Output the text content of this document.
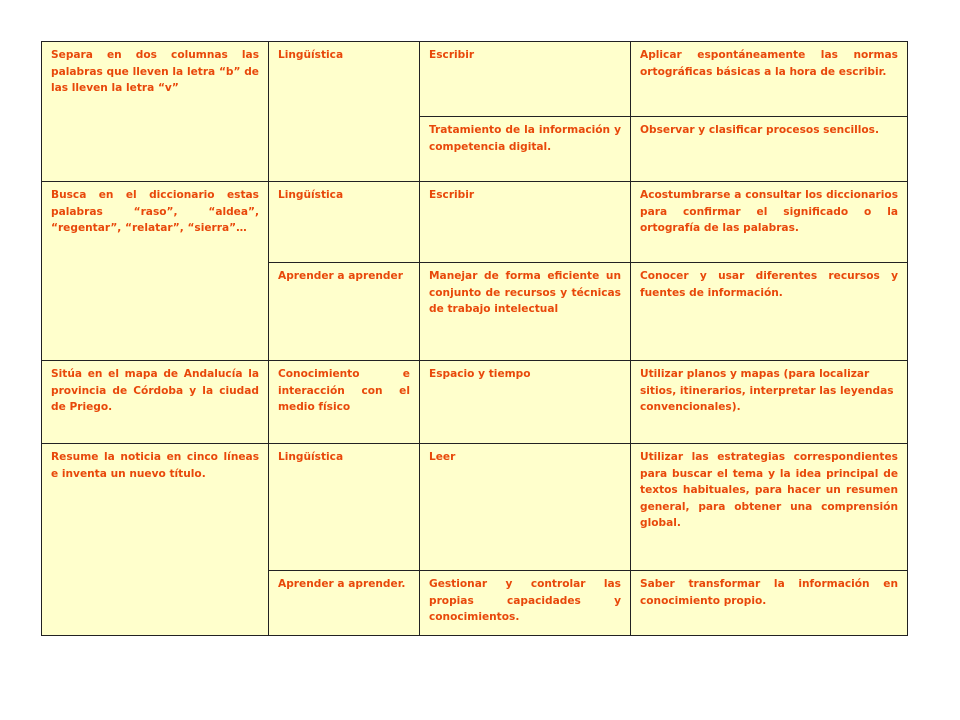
Separa en dos columnas las palabras que lleven la letra “b” de las lleven la letra “v”	Lingüística	Escribir	Aplicar espontáneamente las normas ortográficas básicas a la hora de escribir.
		Tratamiento de la información y competencia digital.	Observar y clasificar procesos sencillos.
Busca en el diccionario estas palabras “raso”, “aldea”, “regentar”, “relatar”, “sierra”…	Lingüística	Escribir	Acostumbrarse a consultar los diccionarios para confirmar el significado o la ortografía de las palabras.
	Aprender a aprender	Manejar de forma eficiente un conjunto de recursos y técnicas de trabajo intelectual	Conocer y usar diferentes recursos y fuentes de información.
Sitúa en el mapa de Andalucía la provincia de Córdoba y la ciudad de Priego.	Conocimiento e interacción con el medio físico	Espacio y tiempo	Utilizar planos y mapas (para localizar sitios, itinerarios, interpretar las leyendas convencionales).
Resume la noticia en cinco líneas e inventa un nuevo título.	Lingüística	Leer	Utilizar las estrategias correspondientes para buscar el tema y la idea principal de textos habituales, para hacer un resumen general, para obtener una comprensión global.
	Aprender a aprender.	Gestionar y controlar las propias capacidades y conocimientos.	Saber transformar la información en conocimiento propio.
